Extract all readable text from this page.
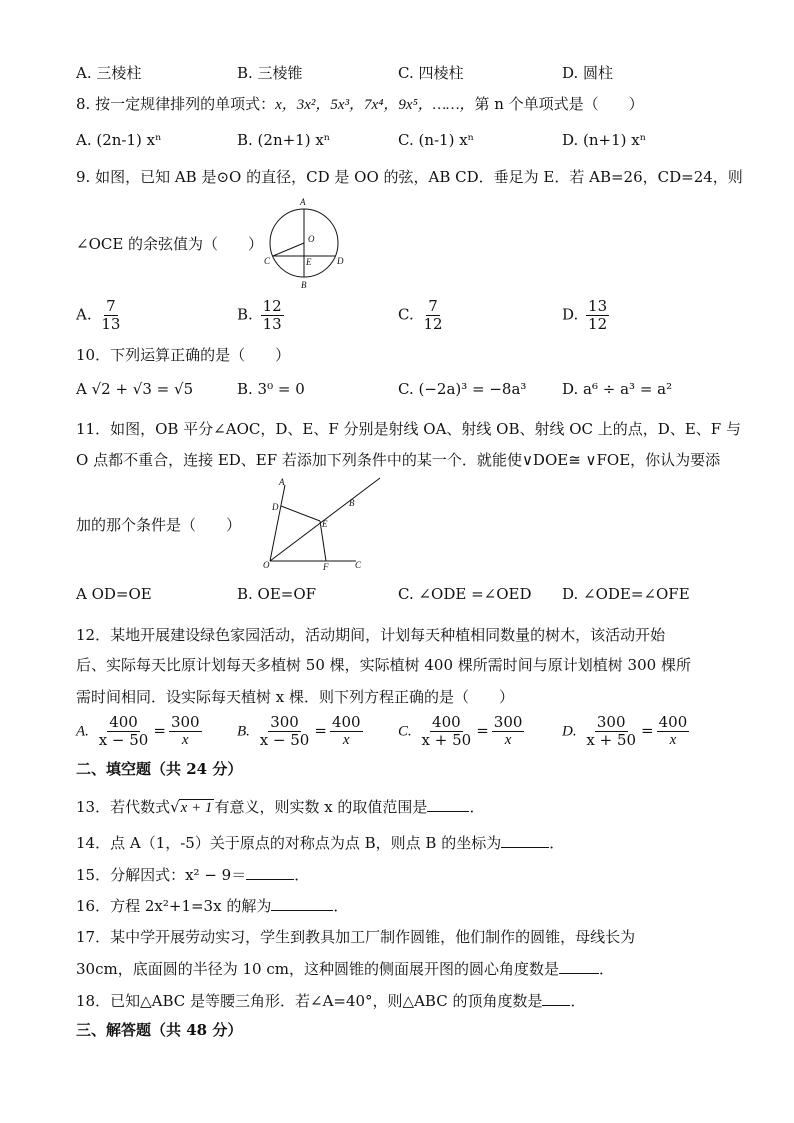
A. 三棱柱	B. 三棱锥	C. 四棱柱	D. 圆柱
8. 按一定规律排列的单项式：x，3x²，5x³，7x⁴，9x⁵，……，第 n 个单项式是（　　）
A. (2n-1) xⁿ	B. (2n+1) xⁿ	C. (n-1) xⁿ	D. (n+1) xⁿ
9. 如图，已知 AB 是⊙O 的直径，CD 是 OO 的弦，AB CD．垂足为 E．若 AB=26，CD=24，则
∠OCE 的余弦值为（　　）
A
O
C	E	D
B
A. $\frac{7}{13}$	B. $\frac{12}{13}$	C. $\frac{7}{12}$	D. $\frac{13}{12}$
10．下列运算正确的是（　　）
A √2 + √3 = √5	B. 3⁰ = 0	C. (−2a)³ = −8a³ D. a⁶ ÷ a³ = a²
11．如图，OB 平分∠AOC，D、E、F 分别是射线 OA、射线 OB、射线 OC 上的点，D、E、F 与
O 点都不重合，连接 ED、EF 若添加下列条件中的某一个．就能使∨DOE≅ ∨FOE，你认为要添
加的那个条件是（　　）
A
B
D
E
O	F	C
A OD=OE	B. OE=OF	C. ∠ODE =∠OED D. ∠ODE=∠OFE
12．某地开展建设绿色家园活动，活动期间，计划每天种植相同数量的树木，该活动开始
后、实际每天比原计划每天多植树 50 棵，实际植树 400 棵所需时间与原计划植树 300 棵所
需时间相同．设实际每天植树 x 棵．则下列方程正确的是（　　）
A. $\frac{400}{x - 50} = \frac{300}{x} B$. $\frac{300}{x - 50} = \frac{400}{x} C$. $\frac{400}{x + 50} = \frac{300}{x}$	D. $\frac{300}{x + 50} = \frac{400}{x}$
二、填空题（共 24 分）
13．若代数式√x + 1 有意义，则实数 x 的取值范围是	．
14．点 A（1，-5）关于原点的对称点为点 B，则点 B 的坐标为	．
15．分解因式：x² − 9＝	．
16．方程 2x²+1=3x 的解为	．
17．某中学开展劳动实习，学生到教具加工厂制作圆锥，他们制作的圆锥，母线长为
30cm，底面圆的半径为 10 cm，这种圆锥的侧面展开图的圆心角度数是	．
18．已知△ABC 是等腰三角形．若∠A=40°，则△ABC 的顶角度数是 ．
三、解答题（共 48 分）
